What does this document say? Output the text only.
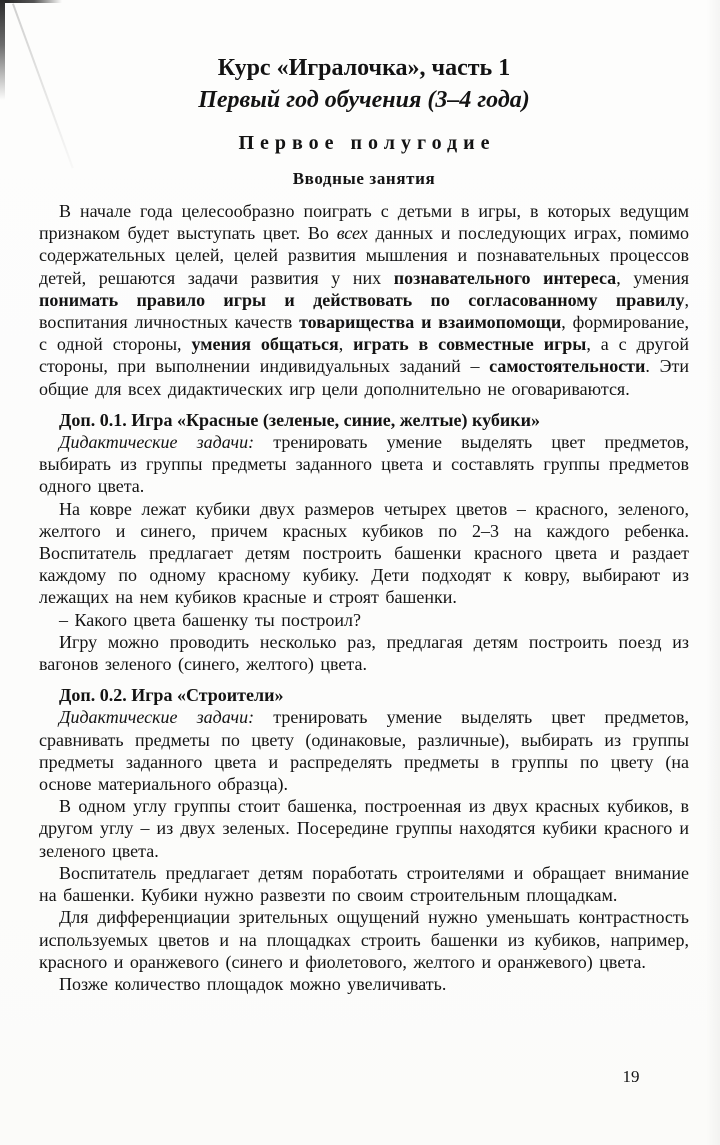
Курс «Игралочка», часть 1
Первый год обучения (3–4 года)
Первое полугодие
Вводные занятия

В начале года целесообразно поиграть с детьми в игры, в которых ведущим признаком будет выступать цвет. Во всех данных и последующих играх, помимо содержательных целей, целей развития мышления и познавательных процессов детей, решаются задачи развития у них познавательного интереса, умения понимать правило игры и действовать по согласованному правилу, воспитания личностных качеств товарищества и взаимопомощи, формирование, с одной стороны, умения общаться, играть в совместные игры, а с другой стороны, при выполнении индивидуальных заданий – самостоятельности. Эти общие для всех дидактических игр цели дополнительно не оговариваются.

Доп. 0.1. Игра «Красные (зеленые, синие, желтые) кубики»

Дидактические задачи: тренировать умение выделять цвет предметов, выбирать из группы предметы заданного цвета и составлять группы предметов одного цвета.

На ковре лежат кубики двух размеров четырех цветов – красного, зеленого, желтого и синего, причем красных кубиков по 2–3 на каждого ребенка. Воспитатель предлагает детям построить башенки красного цвета и раздает каждому по одному красному кубику. Дети подходят к ковру, выбирают из лежащих на нем кубиков красные и строят башенки.

– Какого цвета башенку ты построил?

Игру можно проводить несколько раз, предлагая детям построить поезд из вагонов зеленого (синего, желтого) цвета.

Доп. 0.2. Игра «Строители»

Дидактические задачи: тренировать умение выделять цвет предметов, сравнивать предметы по цвету (одинаковые, различные), выбирать из группы предметы заданного цвета и распределять предметы в группы по цвету (на основе материального образца).

В одном углу группы стоит башенка, построенная из двух красных кубиков, в другом углу – из двух зеленых. Посередине группы находятся кубики красного и зеленого цвета.

Воспитатель предлагает детям поработать строителями и обращает внимание на башенки. Кубики нужно развезти по своим строительным площадкам.

Для дифференциации зрительных ощущений нужно уменьшать контрастность используемых цветов и на площадках строить башенки из кубиков, например, красного и оранжевого (синего и фиолетового, желтого и оранжевого) цвета.

Позже количество площадок можно увеличивать.

19
